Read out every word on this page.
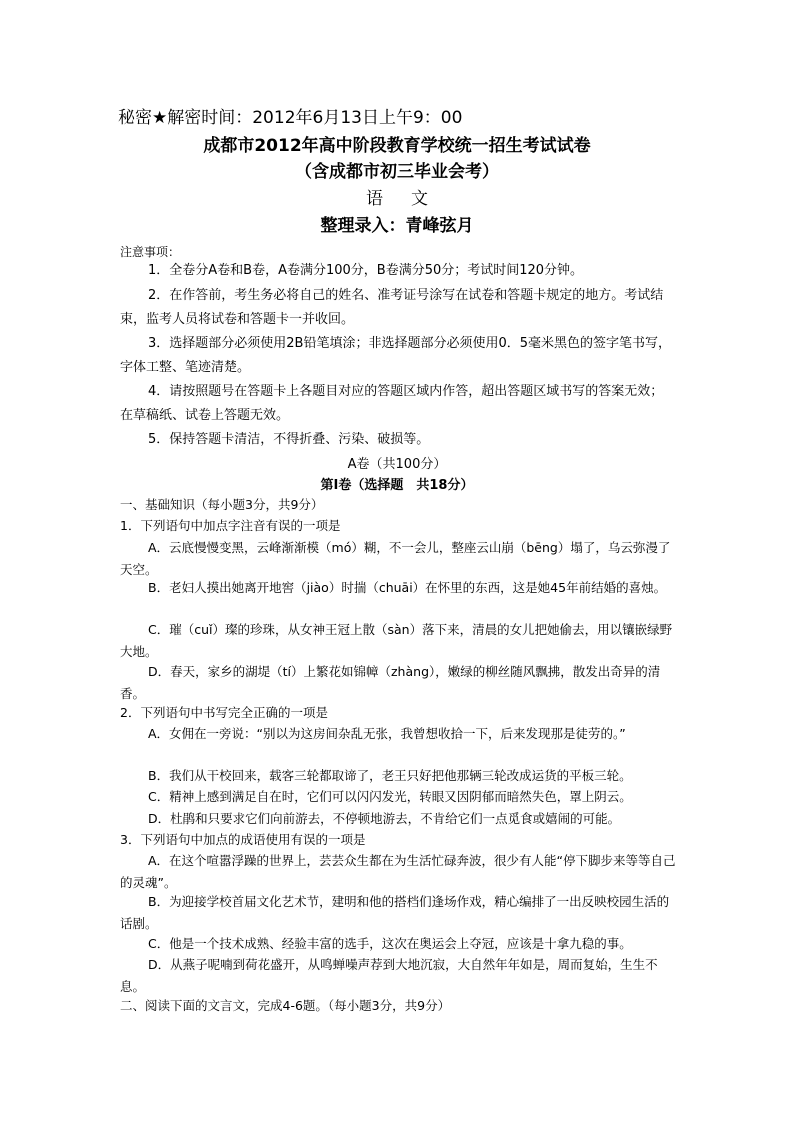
秘密★解密时间：2012年6月13日上午9：00
成都市2012年高中阶段教育学校统一招生考试试卷
（含成都市初三毕业会考）
语文
整理录入：青峰弦月
注意事项：
1．全卷分A卷和B卷，A卷满分100分，B卷满分50分；考试时间120分钟。
2．在作答前，考生务必将自己的姓名、准考证号涂写在试卷和答题卡规定的地方。考试结束，监考人员将试卷和答题卡一并收回。
3．选择题部分必须使用2B铅笔填涂；非选择题部分必须使用0．5毫米黑色的签字笔书写，字体工整、笔迹清楚。
4．请按照题号在答题卡上各题目对应的答题区域内作答，超出答题区域书写的答案无效；在草稿纸、试卷上答题无效。
5．保持答题卡清洁，不得折叠、污染、破损等。
A卷（共100分）
第Ⅰ卷（选择题　共18分）
一、基础知识（每小题3分，共9分）
1．下列语句中加点字注音有误的一项是
A．云底慢慢变黑，云峰渐渐模（mó）糊，不一会儿，整座云山崩（bēng）塌了，乌云弥漫了天空。
B．老妇人摸出她离开地窖（jiào）时揣（chuāi）在怀里的东西，这是她45年前结婚的喜烛。
C．璀（cuǐ）璨的珍珠，从女神王冠上散（sàn）落下来，清晨的女儿把她偷去，用以镶嵌绿野大地。
D．春天，家乡的湖堤（tí）上繁花如锦幛（zhàng），嫩绿的柳丝随风飘拂，散发出奇异的清香。
2．下列语句中书写完全正确的一项是
A．女佣在一旁说：“别以为这房间杂乱无张，我曾想收拾一下，后来发现那是徒劳的。”
B．我们从干校回来，载客三轮都取谛了，老王只好把他那辆三轮改成运货的平板三轮。
C．精神上感到满足自在时，它们可以闪闪发光，转眼又因阴郁而暗然失色，罩上阴云。
D．杜鹃和只要求它们向前游去，不停顿地游去，不肯给它们一点觅食或嬉闹的可能。
3．下列语句中加点的成语使用有误的一项是
A．在这个喧嚣浮躁的世界上，芸芸众生都在为生活忙碌奔波，很少有人能“停下脚步来等等自己的灵魂”。
B．为迎接学校首届文化艺术节，建明和他的搭档们逢场作戏，精心编排了一出反映校园生活的话剧。
C．他是一个技术成熟、经验丰富的选手，这次在奥运会上夺冠，应该是十拿九稳的事。
D．从燕子呢喃到荷花盛开，从鸣蝉噪声荐到大地沉寂，大自然年年如是，周而复始，生生不息。
二、阅读下面的文言文，完成4-6题。（每小题3分，共9分）
